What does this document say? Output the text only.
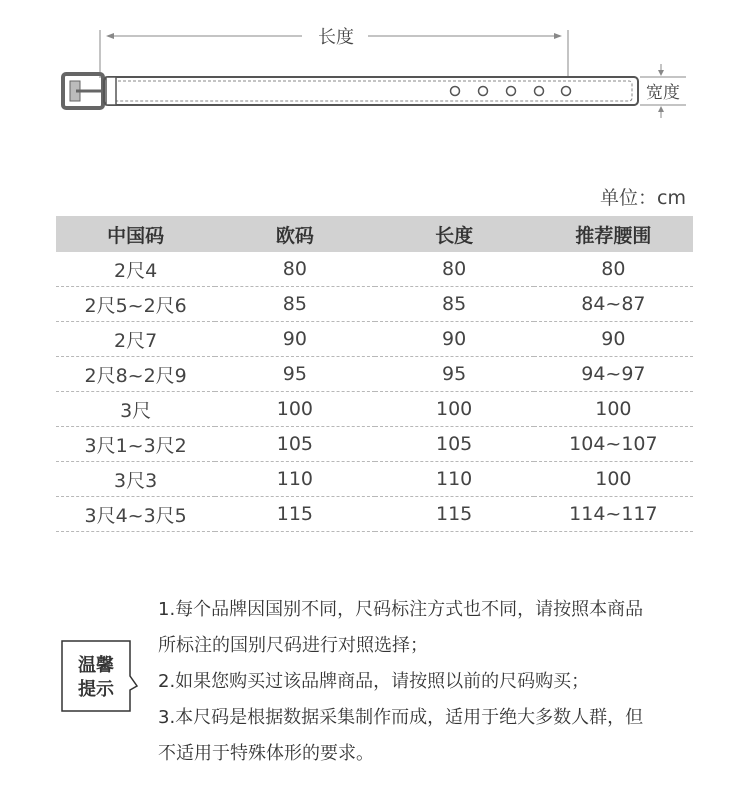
长度
宽度
单位：cm
中国码	欧码	长度	推荐腰围
2尺4	80	80	80
2尺5~2尺6	85	85	84~87
2尺7	90	90	90
2尺8~2尺9	95	95	94~97
3尺	100	100	100
3尺1~3尺2	105	105	104~107
3尺3	110	110	100
3尺4~3尺5	115	115	114~117
温馨
提示

1.每个品牌因国别不同，尺码标注方式也不同，请按照本商品

所标注的国别尺码进行对照选择；

2.如果您购买过该品牌商品，请按照以前的尺码购买；

3.本尺码是根据数据采集制作而成，适用于绝大多数人群，但

不适用于特殊体形的要求。
